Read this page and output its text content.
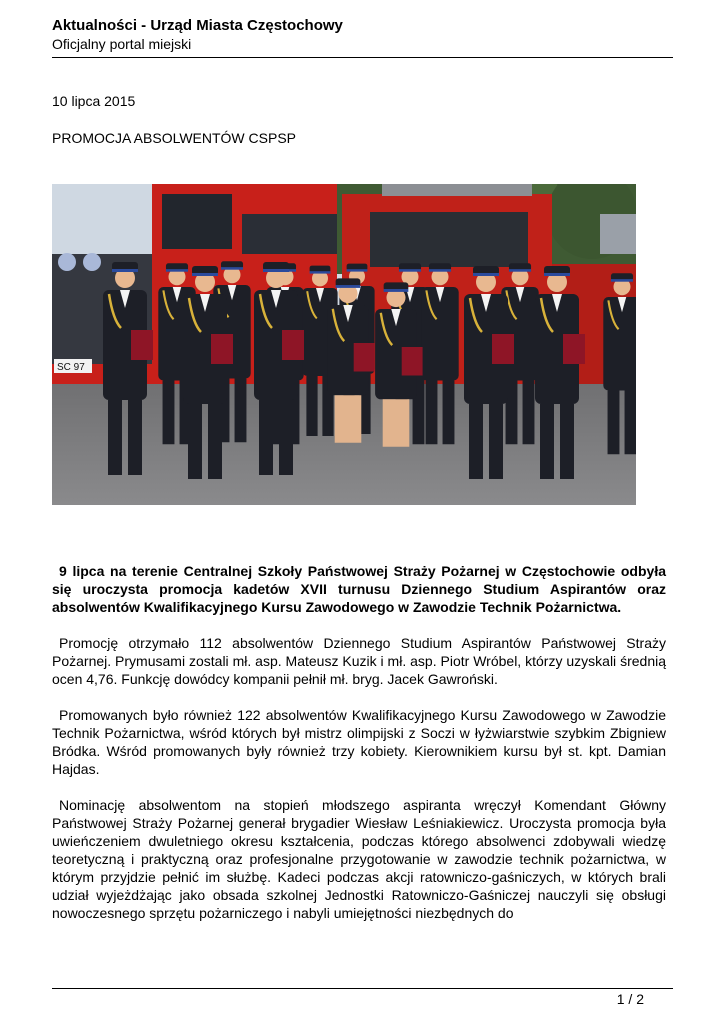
Aktualności - Urząd Miasta Częstochowy
Oficjalny portal miejski
10 lipca 2015
PROMOCJA ABSOLWENTÓW CSPSP
SC 97

9 lipca na terenie Centralnej Szkoły Państwowej Straży Pożarnej w Częstochowie odbyła się uroczysta promocja kadetów XVII turnusu Dziennego Studium Aspirantów oraz absolwentów Kwalifikacyjnego Kursu Zawodowego w Zawodzie Technik Pożarnictwa.

Promocję otrzymało 112 absolwentów Dziennego Studium Aspirantów Państwowej Straży Pożarnej. Prymusami zostali mł. asp. Mateusz Kuzik i mł. asp. Piotr Wróbel, którzy uzyskali średnią ocen 4,76. Funkcję dowódcy kompanii pełnił mł. bryg. Jacek Gawroński.

Promowanych było również 122 absolwentów Kwalifikacyjnego Kursu Zawodowego w Zawodzie Technik Pożarnictwa, wśród których był mistrz olimpijski z Soczi w łyżwiarstwie szybkim Zbigniew Bródka. Wśród promowanych były również trzy kobiety. Kierownikiem kursu był st. kpt. Damian Hajdas.

Nominację absolwentom na stopień młodszego aspiranta wręczył Komendant Główny Państwowej Straży Pożarnej generał brygadier Wiesław Leśniakiewicz. Uroczysta promocja była uwieńczeniem dwuletniego okresu kształcenia, podczas którego absolwenci zdobywali wiedzę teoretyczną i praktyczną oraz profesjonalne przygotowanie w zawodzie technik pożarnictwa, w którym przyjdzie pełnić im służbę. Kadeci podczas akcji ratowniczo-gaśniczych, w których brali udział wyjeżdżając jako obsada szkolnej Jednostki Ratowniczo-Gaśniczej nauczyli się obsługi nowoczesnego sprzętu pożarniczego i nabyli umiejętności niezbędnych do

1 / 2
